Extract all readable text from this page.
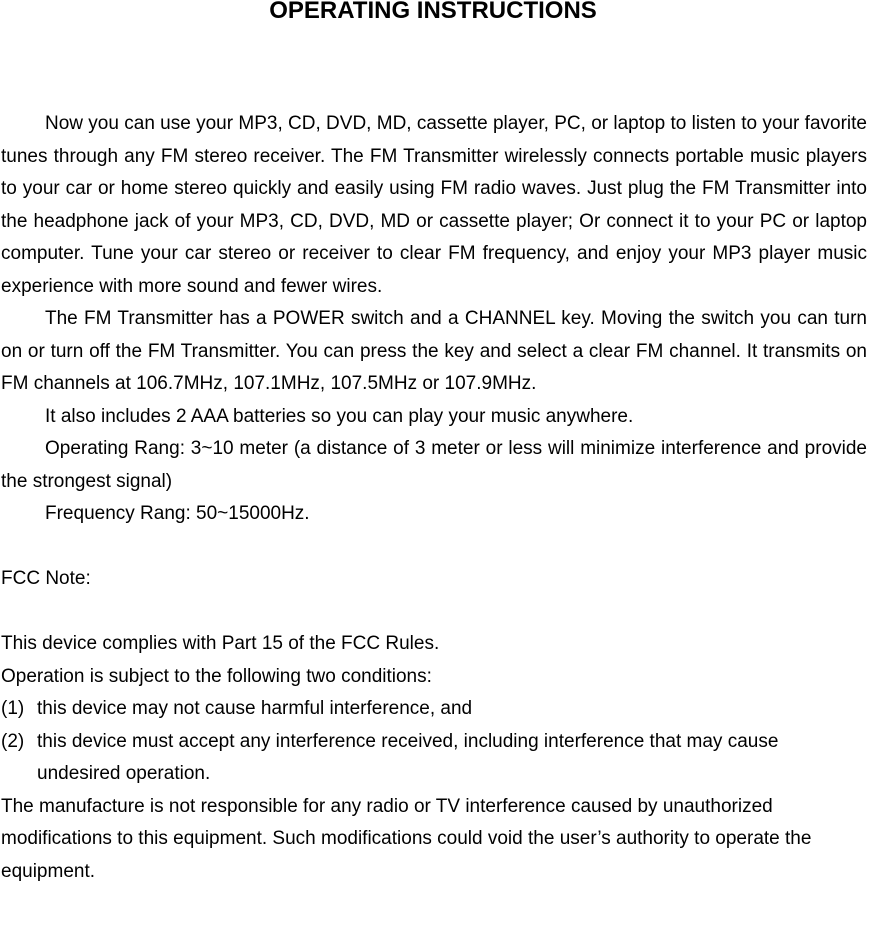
OPERATING INSTRUCTIONS

Now you can use your MP3, CD, DVD, MD, cassette player, PC, or laptop to listen to your favorite tunes through any FM stereo receiver. The FM Transmitter wirelessly connects portable music players to your car or home stereo quickly and easily using FM radio waves. Just plug the FM Transmitter into the headphone jack of your MP3, CD, DVD, MD or cassette player; Or connect it to your PC or laptop computer. Tune your car stereo or receiver to clear FM frequency, and enjoy your MP3 player music experience with more sound and fewer wires.

The FM Transmitter has a POWER switch and a CHANNEL key. Moving the switch you can turn on or turn off the FM Transmitter. You can press the key and select a clear FM channel. It transmits on FM channels at 106.7MHz, 107.1MHz, 107.5MHz or 107.9MHz.

It also includes 2 AAA batteries so you can play your music anywhere.

Operating Rang: 3~10 meter (a distance of 3 meter or less will minimize interference and provide the strongest signal)

Frequency Rang: 50~15000Hz.

FCC Note:

This device complies with Part 15 of the FCC Rules.

Operation is subject to the following two conditions:

(1) this device may not cause harmful interference, and
(2) this device must accept any interference received, including interference that may cause undesired operation.

The manufacture is not responsible for any radio or TV interference caused by unauthorized modifications to this equipment. Such modifications could void the user’s authority to operate the equipment.
